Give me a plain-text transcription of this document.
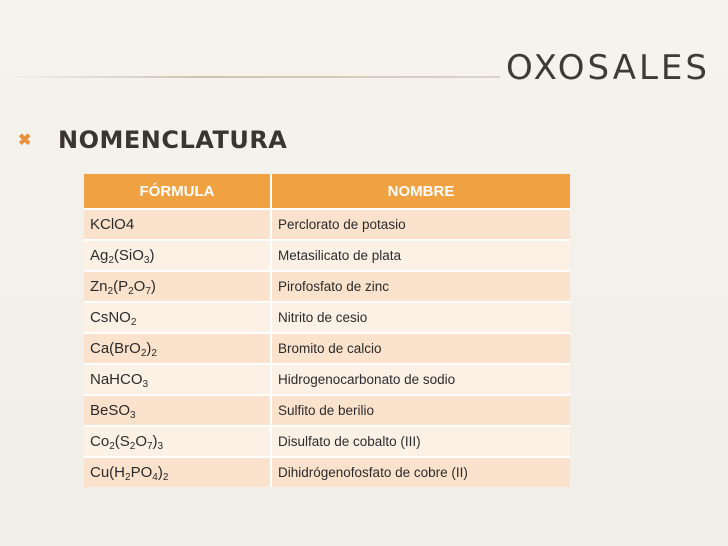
OXOSALES
✖	NOMENCLATURA
FÓRMULA	NOMBRE
KClO4	Perclorato de potasio
$Ag_2(SiO_3)$	Metasilicato de plata
$Zn_2(P_2O_7)$	Pirofosfato de zinc
CsNO$_2$	Nitrito de cesio
$Ca(BrO_2)_2$	Bromito de calcio
NaHCO$_3$	Hidrogenocarbonato de sodio
BeSO$_3$	Sulfito de berilio
$Co_2(S_2O_7)_3$	Disulfato de cobalto (III)
$Cu(H_2PO_4)_2$	Dihidrógenofosfato de cobre (II)
